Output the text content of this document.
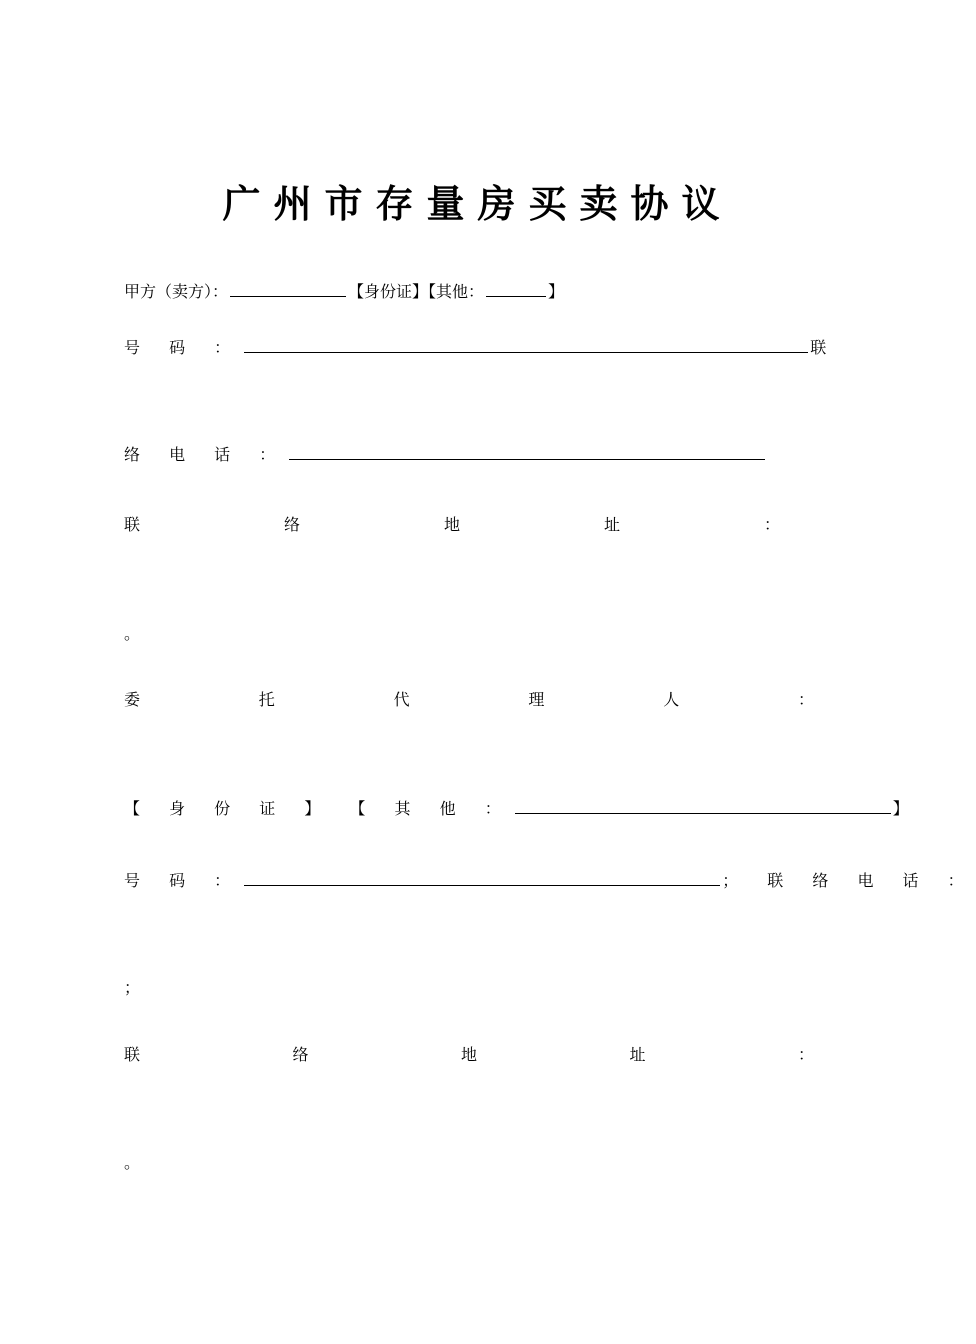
广州市存量房买卖协议
甲方（卖方）：	【身份证】【其他：	】
号 码 ：	联
络 电 话 ：
联	络	地	址	：
。
委	托	代	理	人	：
【 身 份 证 】 【 其 他 ：	】
号 码 ：	； 联 络 电 话 ：
；
联	络	地	址	：
。
